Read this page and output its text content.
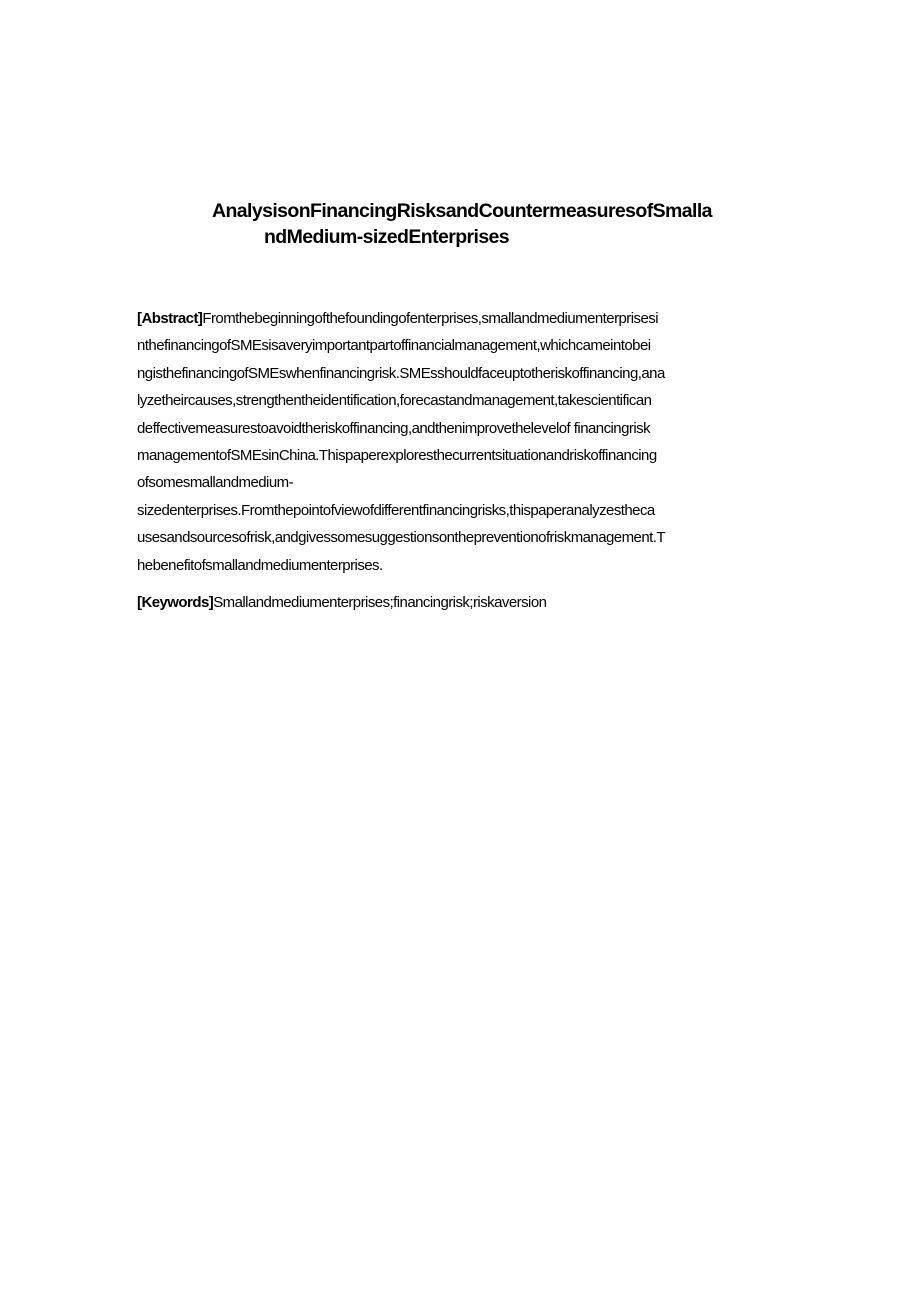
AnalysisonFinancingRisksandCountermeasuresofSmalla
ndMedium-sizedEnterprises
[Abstract]Fromthebeginningofthefoundingofenterprises,smallandmediumenterprisesi
nthefinancingofSMEsisaveryimportantpartoffinancialmanagement,whichcameintobei
ngisthefinancingofSMEswhenfinancingrisk.SMEsshouldfaceuptotheriskoffinancing,ana
lyzetheircauses,strengthentheidentification,forecastandmanagement,takescientifican
deffectivemeasurestoavoidtheriskoffinancing,andthenimprovethelevelof financingrisk
managementofSMEsinChina.Thispaperexploresthecurrentsituationandriskoffinancing
ofsomesmallandmedium-
sizedenterprises.Fromthepointofviewofdifferentfinancingrisks,thispaperanalyzestheca
usesandsourcesofrisk,andgivessomesuggestionsonthepreventionofriskmanagement.T
hebenefitofsmallandmediumenterprises.

[Keywords]Smallandmediumenterprises;financingrisk;riskaversion
